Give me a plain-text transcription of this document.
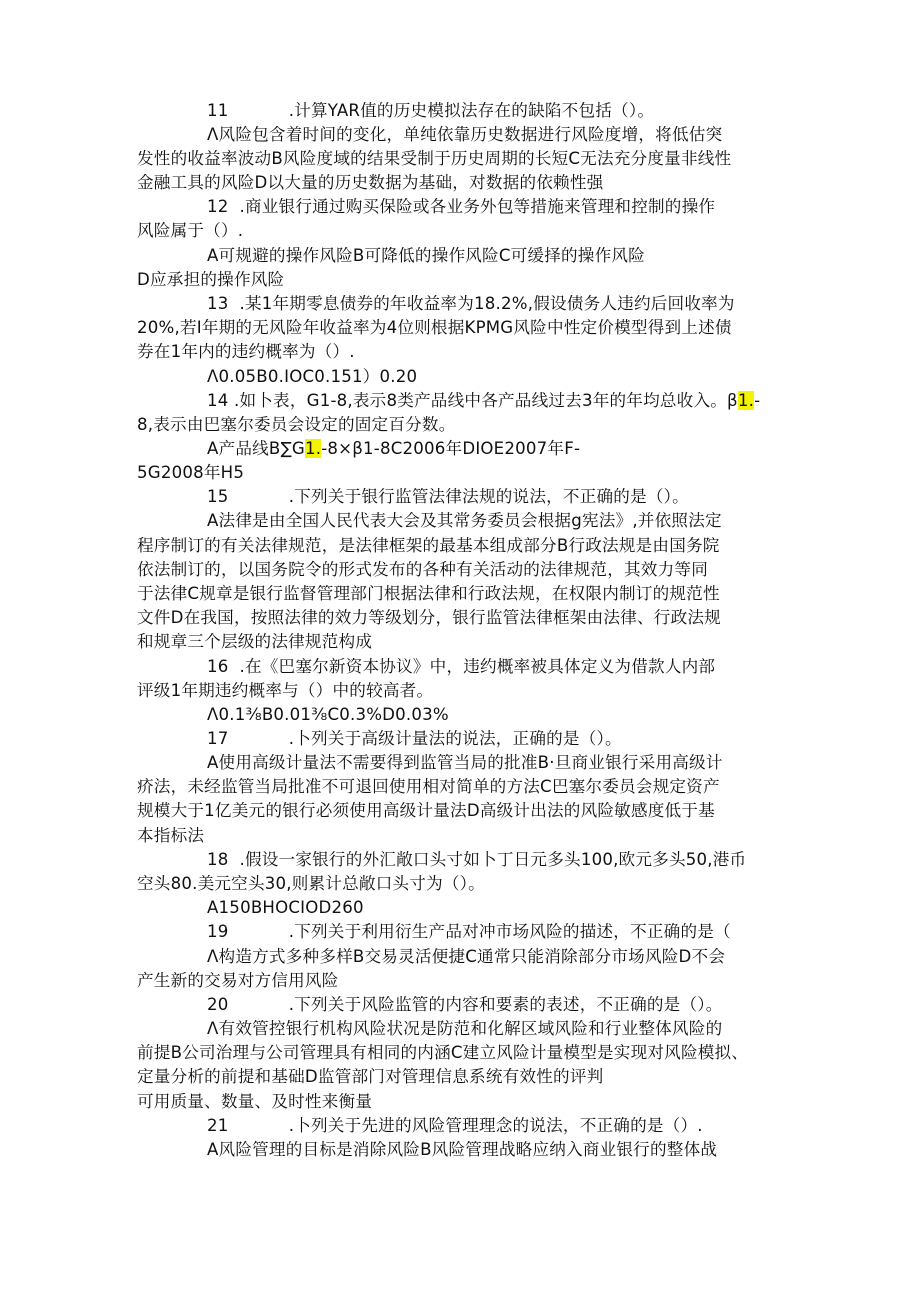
11           .计算YAR值的历史模拟法存在的缺陷不包括（）。
Λ风险包含着时间的变化，单纯依靠历史数据进行风险度增，将低估突
发性的收益率波动B风险度域的结果受制于历史周期的长短C无法充分度量非线性
金融工具的风险D以大量的历史数据为基础，对数据的依赖性强
12  .商业银行通过购买保险或各业务外包等措施来管理和控制的操作
风险属于（）.
A可规避的操作风险B可降低的操作风险C可缓择的操作风险
D应承担的操作风险
13  .某1年期零息债券的年收益率为18.2%,假设债务人违约后回收率为
20%,若I年期的无风险年收益率为4位则根据KPMG风险中性定价模型得到上述债
券在1年内的违约概率为（）.
Λ0.05B0.IOC0.151）0.20
14 .如卜表，G1-8,表示8类产品线中各产品线过去3年的年均总收入。β1.-
8,表示由巴塞尔委员会设定的固定百分数。
A产品线B∑G1.-8×β1-8C2006年DIOE2007年F-
5G2008年H5
15           .下列关于银行监管法律法规的说法，不正确的是（）。
A法律是由全国人民代表大会及其常务委员会根据g宪法》,并依照法定
程序制订的有关法律规范，是法律框架的最基本组成部分B行政法规是由国务院
依法制订的，以国务院令的形式发布的各种有关活动的法律规范，其效力等同
于法律C规章是银行监督管理部门根据法律和行政法规，在权限内制订的规范性
文件D在我国，按照法律的效力等级划分，银行监管法律框架由法律、行政法规
和规章三个层级的法律规范构成
16  .在《巴塞尔新资本协议》中，违约概率被具体定义为借款人内部
评级1年期违约概率与（）中的较高者。
Λ0.1⅜B0.01⅜C0.3%D0.03%
17           .卜列关于高级计量法的说法，正确的是（）。
A使用高级计量法不需要得到监管当局的批准B·旦商业银行采用高级计
疥法，未经监管当局批准不可退回使用相对简单的方法C巴塞尔委员会规定资产
规模大于1亿美元的银行必须使用高级计量法D高级计出法的风险敏感度低于基
本指标法
18  .假设一家银行的外汇敞口头寸如卜丁日元多头100,欧元多头50,港币
空头80.美元空头30,则累计总敞口头寸为（）。
A150BHOCIOD260
19           .下列关于利用衍生产品对冲市场风险的描述，不正确的是（
Λ构造方式多种多样B交易灵活便捷C通常只能消除部分市场风险D不会
产生新的交易对方信用风险
20           .下列关于风险监管的内容和要素的表述，不正确的是（）。
Λ有效管控银行机构风险状况是防范和化解区域风险和行业整体风险的
前提B公司治理与公司管理具有相同的内涵C建立风险计量模型是实现对风险模拟、
定量分析的前提和基础D监管部门对管理信息系统有效性的评判
可用质量、数量、及时性来衡量
21           .卜列关于先进的风险管理理念的说法，不正确的是（）.
A风险管理的目标是消除风险B风险管理战略应纳入商业银行的整体战
